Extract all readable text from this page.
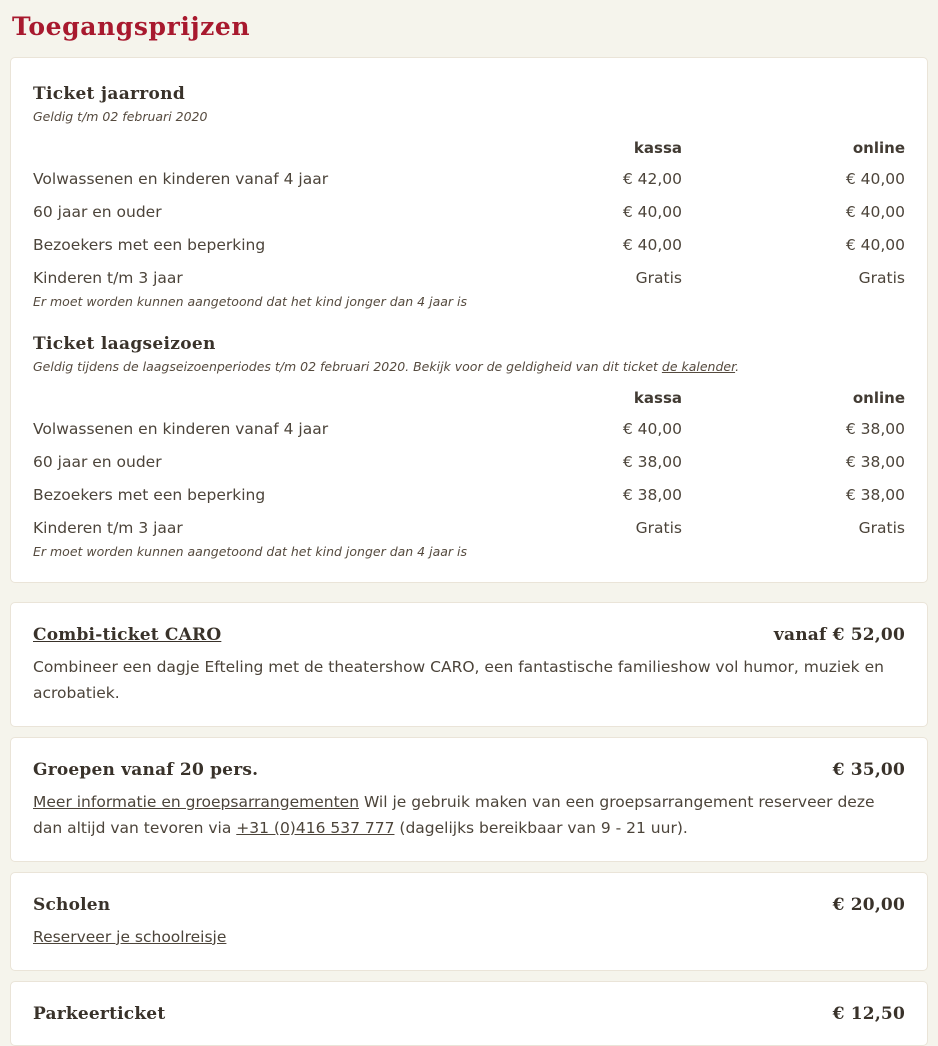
Toegangsprijzen
Ticket jaarrond

Geldig t/m 02 februari 2020

kassa	online
Volwassenen en kinderen vanaf 4 jaar	€ 42,00	€ 40,00
60 jaar en ouder	€ 40,00	€ 40,00
Bezoekers met een beperking	€ 40,00	€ 40,00
Kinderen t/m 3 jaar	Gratis	Gratis

Er moet worden kunnen aangetoond dat het kind jonger dan 4 jaar is

Ticket laagseizoen

Geldig tijdens de laagseizoenperiodes t/m 02 februari 2020. Bekijk voor de geldigheid van dit ticket de kalender.

kassa	online
Volwassenen en kinderen vanaf 4 jaar	€ 40,00	€ 38,00
60 jaar en ouder	€ 38,00	€ 38,00
Bezoekers met een beperking	€ 38,00	€ 38,00
Kinderen t/m 3 jaar	Gratis	Gratis

Er moet worden kunnen aangetoond dat het kind jonger dan 4 jaar is

Combi-ticket CARO	vanaf € 52,00

Combineer een dagje Efteling met de theatershow CARO, een fantastische familieshow vol humor, muziek en acrobatiek.

Groepen vanaf 20 pers.	€ 35,00

Meer informatie en groepsarrangementen Wil je gebruik maken van een groepsarrangement reserveer deze dan altijd van tevoren via +31 (0)416 537 777 (dagelijks bereikbaar van 9 - 21 uur).

Scholen	€ 20,00

Reserveer je schoolreisje

Parkeerticket	€ 12,50
